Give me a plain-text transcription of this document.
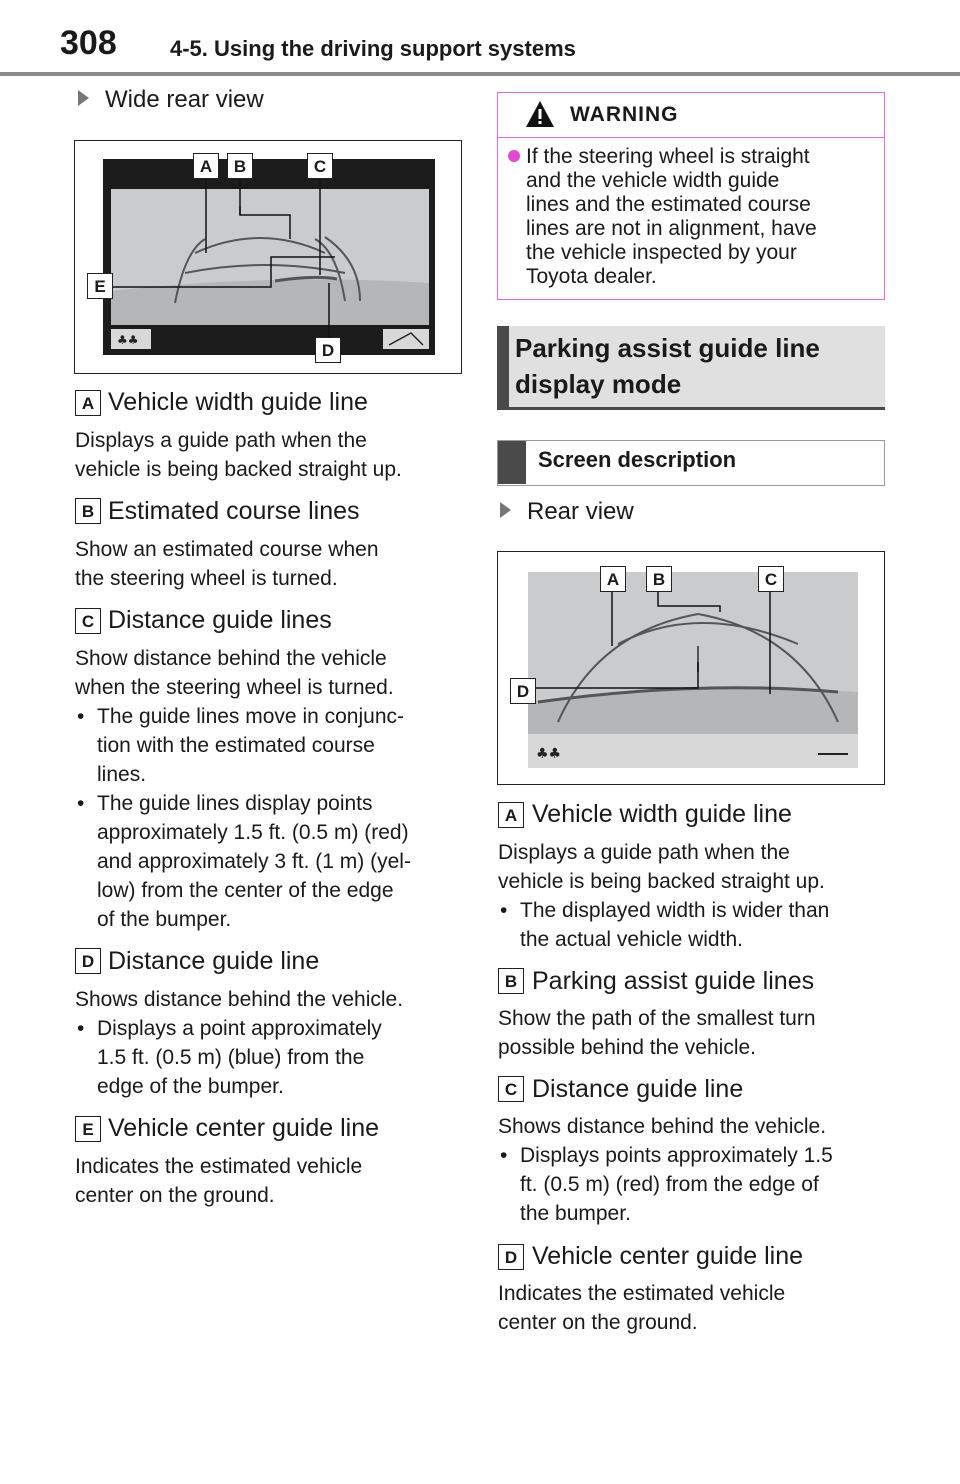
308 4-5. Using the driving support systems
Wide rear view
♣♣
A	B	C
D
E
A Vehicle width guide line
Displays a guide path when the
vehicle is being backed straight up.
B Estimated course lines
Show an estimated course when
the steering wheel is turned.
C Distance guide lines
Show distance behind the vehicle
when the steering wheel is turned.
• The guide lines move in conjunc-
tion with the estimated course
lines.
• The guide lines display points
approximately 1.5 ft. (0.5 m) (red)
and approximately 3 ft. (1 m) (yel-
low) from the center of the edge
of the bumper.
D Distance guide line
Shows distance behind the vehicle.
• Displays a point approximately
1.5 ft. (0.5 m) (blue) from the
edge of the bumper.
E Vehicle center guide line
Indicates the estimated vehicle
center on the ground.
WARNING
If the steering wheel is straight
and the vehicle width guide
lines and the estimated course
lines are not in alignment, have
the vehicle inspected by your
Toyota dealer.
Parking assist guide line
display mode
Screen description
Rear view
♣♣
A	B	C
D
A Vehicle width guide line
Displays a guide path when the
vehicle is being backed straight up.
• The displayed width is wider than
the actual vehicle width.
B Parking assist guide lines
Show the path of the smallest turn
possible behind the vehicle.
C Distance guide line
Shows distance behind the vehicle.
• Displays points approximately 1.5
ft. (0.5 m) (red) from the edge of
the bumper.
D Vehicle center guide line
Indicates the estimated vehicle
center on the ground.
